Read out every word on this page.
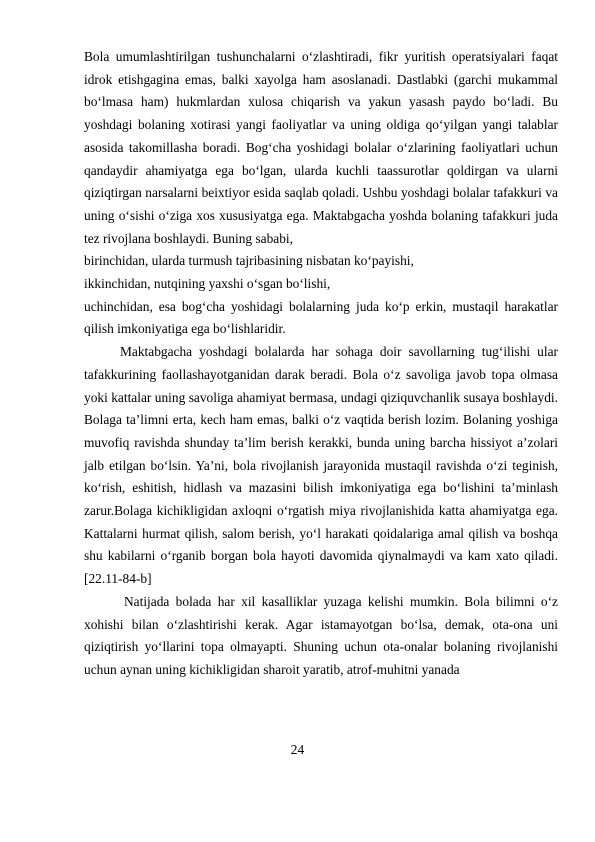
Bola umumlashtirilgan tushunchalarni o‘zlashtiradi, fikr yuritish operatsiyalari faqat idrok etishgagina emas, balki xayolga ham asoslanadi. Dastlabki (garchi mukammal bo‘lmasa ham) hukmlardan xulosa chiqarish va yakun yasash paydo bo‘ladi. Bu yoshdagi bolaning xotirasi yangi faoliyatlar va uning oldiga qo‘yilgan yangi talablar asosida takomillasha boradi. Bog‘cha yoshidagi bolalar o‘zlarining faoliyatlari uchun qandaydir ahamiyatga ega bo‘lgan, ularda kuchli taassurotlar qoldirgan va ularni qiziqtirgan narsalarni beixtiyor esida saqlab qoladi. Ushbu yoshdagi bolalar tafakkuri va uning o‘sishi o‘ziga xos xususiyatga ega. Maktabgacha yoshda bolaning tafakkuri juda tez rivojlana boshlaydi. Buning sababi,

birinchidan, ularda turmush tajribasining nisbatan ko‘payishi,

ikkinchidan, nutqining yaxshi o‘sgan bo‘lishi,

uchinchidan, esa bog‘cha yoshidagi bolalarning juda ko‘p erkin, mustaqil harakatlar qilish imkoniyatiga ega bo‘lishlaridir.

Maktabgacha yoshdagi bolalarda har sohaga doir savollarning tug‘ilishi ular tafakkurining faollashayotganidan darak beradi. Bola o‘z savoliga javob topa olmasa yoki kattalar uning savoliga ahamiyat bermasa, undagi qiziquvchanlik susaya boshlaydi. Bolaga ta’limni erta, kech ham emas, balki o‘z vaqtida berish lozim. Bolaning yoshiga muvofiq ravishda shunday ta’lim berish kerakki, bunda uning barcha hissiyot a’zolari jalb etilgan bo‘lsin. Ya’ni, bola rivojlanish jarayonida mustaqil ravishda o‘zi teginish, ko‘rish, eshitish, hidlash va mazasini bilish imkoniyatiga ega bo‘lishini ta’minlash zarur.Bolaga kichikligidan axloqni o‘rgatish miya rivojlanishida katta ahamiyatga ega. Kattalarni hurmat qilish, salom berish, yo‘l harakati qoidalariga amal qilish va boshqa shu kabilarni o‘rganib borgan bola hayoti davomida qiynalmaydi va kam xato qiladi. [22.11-84-b]

Natijada bolada har xil kasalliklar yuzaga kelishi mumkin. Bola bilimni o‘z xohishi bilan o‘zlashtirishi kerak. Agar istamayotgan bo‘lsa, demak, ota-ona uni qiziqtirish yo‘llarini topa olmayapti. Shuning uchun ota-onalar bolaning rivojlanishi uchun aynan uning kichikligidan sharoit yaratib, atrof-muhitni yanada

24
